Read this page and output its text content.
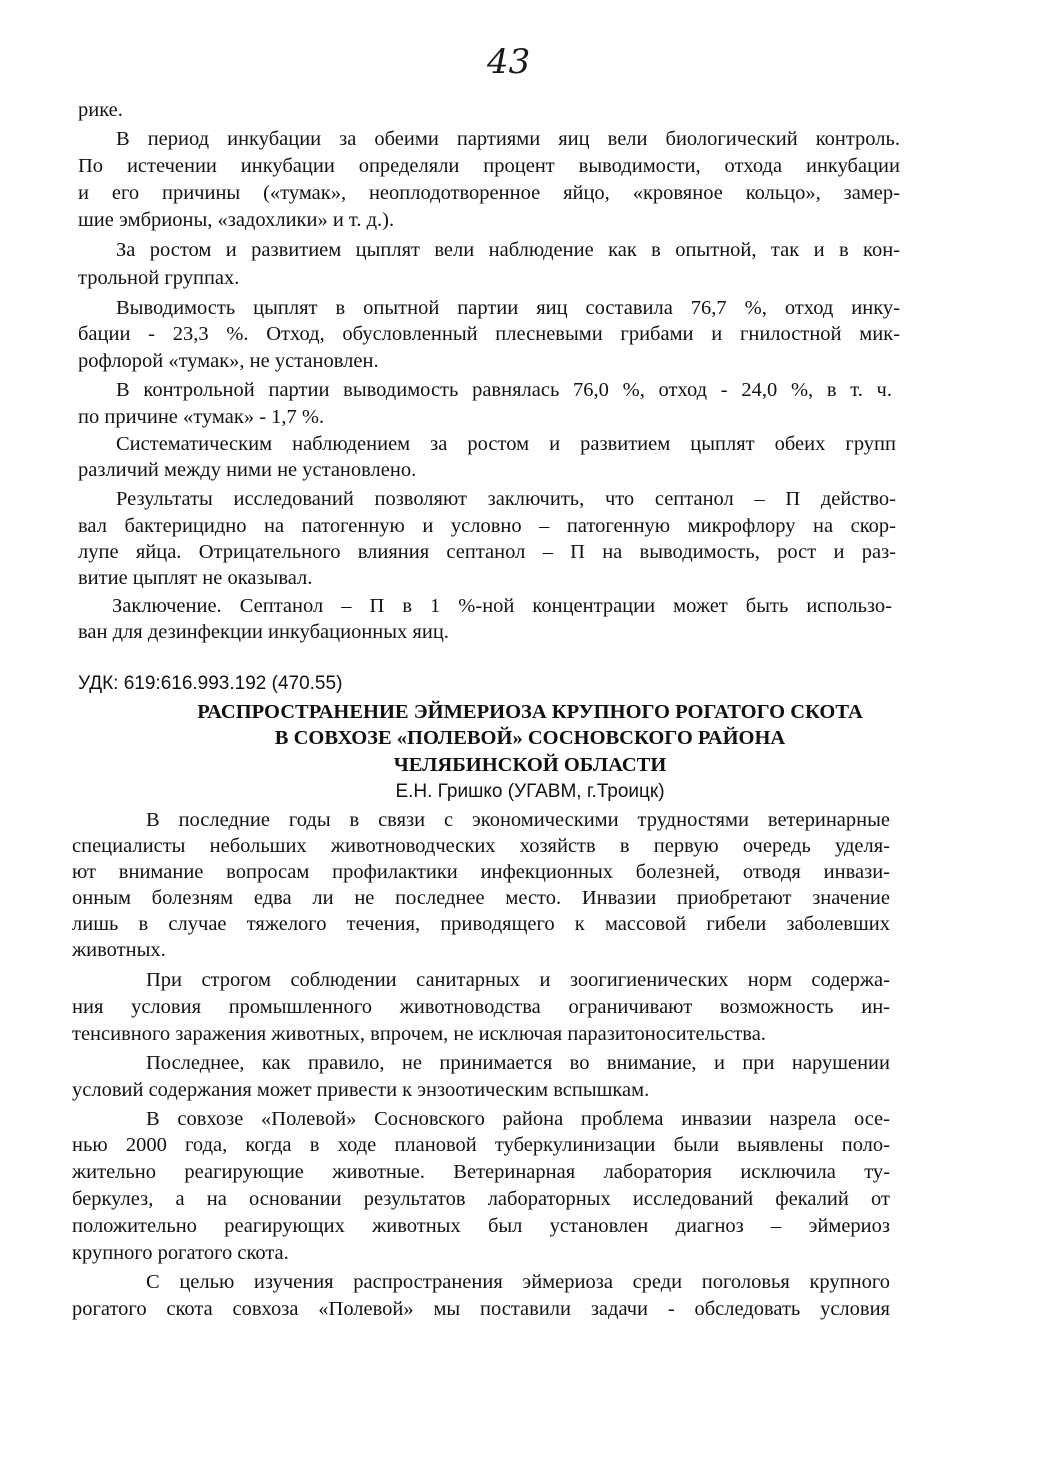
43
рике.
В период инкубации за обеими партиями яиц вели биологический контроль.
По истечении инкубации определяли процент выводимости, отхода инкубации
и его причины («тумак», неоплодотворенное яйцо, «кровяное кольцо», замер-
шие эмбрионы, «задохлики» и т. д.).
За ростом и развитием цыплят вели наблюдение как в опытной, так и в кон-
трольной группах.
Выводимость цыплят в опытной партии яиц составила 76,7 %, отход инку-
бации - 23,3 %. Отход, обусловленный плесневыми грибами и гнилостной мик-
рофлорой «тумак», не установлен.
В контрольной партии выводимость равнялась 76,0 %, отход - 24,0 %, в т. ч.
по причине «тумак» - 1,7 %.
Систематическим наблюдением за ростом и развитием цыплят обеих групп
различий между ними не установлено.
Результаты исследований позволяют заключить, что септанол – П действо-
вал бактерицидно на патогенную и условно – патогенную микрофлору на скор-
лупе яйца. Отрицательного влияния септанол – П на выводимость, рост и раз-
витие цыплят не оказывал.
Заключение. Септанол – П в 1 %-ной концентрации может быть использо-
ван для дезинфекции инкубационных яиц.
УДК: 619:616.993.192 (470.55)
РАСПРОСТРАНЕНИЕ ЭЙМЕРИОЗА КРУПНОГО РОГАТОГО СКОТА
В СОВХОЗЕ «ПОЛЕВОЙ» СОСНОВСКОГО РАЙОНА
ЧЕЛЯБИНСКОЙ ОБЛАСТИ
Е.Н. Гришко (УГАВМ, г.Троицк)
В последние годы в связи с экономическими трудностями ветеринарные
специалисты небольших животноводческих хозяйств в первую очередь уделя-
ют внимание вопросам профилактики инфекционных болезней, отводя инвази-
онным болезням едва ли не последнее место. Инвазии приобретают значение
лишь в случае тяжелого течения, приводящего к массовой гибели заболевших
животных.
При строгом соблюдении санитарных и зоогигиенических норм содержа-
ния условия промышленного животноводства ограничивают возможность ин-
тенсивного заражения животных, впрочем, не исключая паразитоносительства.
Последнее, как правило, не принимается во внимание, и при нарушении
условий содержания может привести к энзоотическим вспышкам.
В совхозе «Полевой» Сосновского района проблема инвазии назрела осе-
нью 2000 года, когда в ходе плановой туберкулинизации были выявлены поло-
жительно реагирующие животные. Ветеринарная лаборатория исключила ту-
беркулез, а на основании результатов лабораторных исследований фекалий от
положительно реагирующих животных был установлен диагноз – эймериоз
крупного рогатого скота.
С целью изучения распространения эймериоза среди поголовья крупного
рогатого скота совхоза «Полевой» мы поставили задачи - обследовать условия
